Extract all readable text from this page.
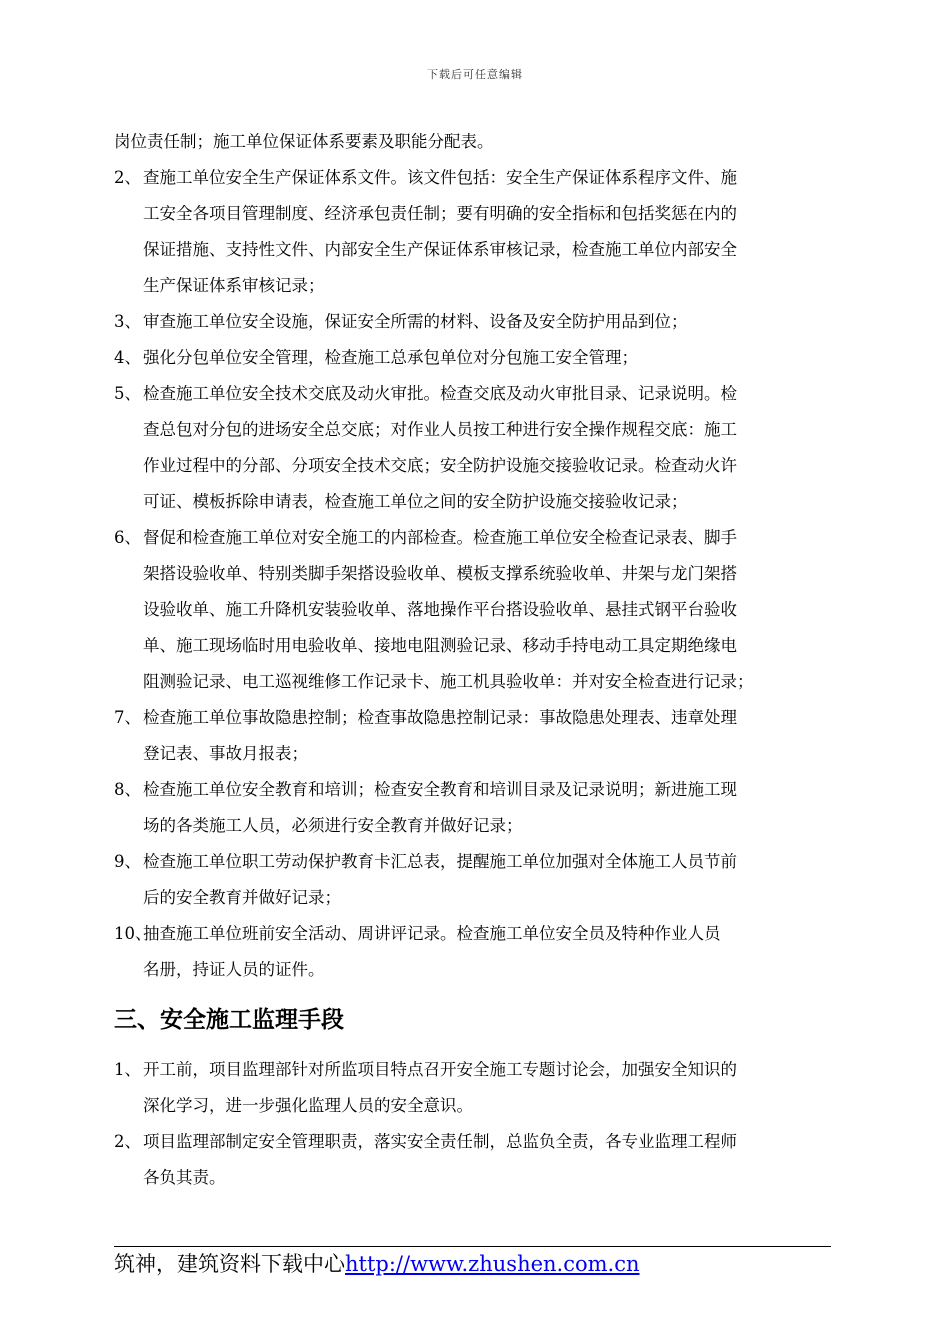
下载后可任意编辑
岗位责任制；施工单位保证体系要素及职能分配表。
2、 查施工单位安全生产保证体系文件。该文件包括：安全生产保证体系程序文件、施
工安全各项目管理制度、经济承包责任制；要有明确的安全指标和包括奖惩在内的
保证措施、支持性文件、内部安全生产保证体系审核记录，检查施工单位内部安全
生产保证体系审核记录；
3、 审查施工单位安全设施，保证安全所需的材料、设备及安全防护用品到位；
4、 强化分包单位安全管理，检查施工总承包单位对分包施工安全管理；
5、 检查施工单位安全技术交底及动火审批。检查交底及动火审批目录、记录说明。检
查总包对分包的进场安全总交底；对作业人员按工种进行安全操作规程交底：施工
作业过程中的分部、分项安全技术交底；安全防护设施交接验收记录。检查动火许
可证、模板拆除申请表，检查施工单位之间的安全防护设施交接验收记录；
6、 督促和检查施工单位对安全施工的内部检查。检查施工单位安全检查记录表、脚手
架搭设验收单、特别类脚手架搭设验收单、模板支撑系统验收单、井架与龙门架搭
设验收单、施工升降机安装验收单、落地操作平台搭设验收单、悬挂式钢平台验收
单、施工现场临时用电验收单、接地电阻测验记录、移动手持电动工具定期绝缘电
阻测验记录、电工巡视维修工作记录卡、施工机具验收单：并对安全检查进行记录；
7、 检查施工单位事故隐患控制；检查事故隐患控制记录：事故隐患处理表、违章处理
登记表、事故月报表；
8、 检查施工单位安全教育和培训；检查安全教育和培训目录及记录说明；新进施工现
场的各类施工人员，必须进行安全教育并做好记录；
9、 检查施工单位职工劳动保护教育卡汇总表，提醒施工单位加强对全体施工人员节前
后的安全教育并做好记录；
10、
抽查施工单位班前安全活动、周讲评记录。检查施工单位安全员及特种作业人员
名册，持证人员的证件。
三、安全施工监理手段
1、 开工前，项目监理部针对所监项目特点召开安全施工专题讨论会，加强安全知识的
深化学习，进一步强化监理人员的安全意识。
2、 项目监理部制定安全管理职责，落实安全责任制，总监负全责，各专业监理工程师
各负其责。
筑神，建筑资料下载中心http://www.zhushen.com.cn
